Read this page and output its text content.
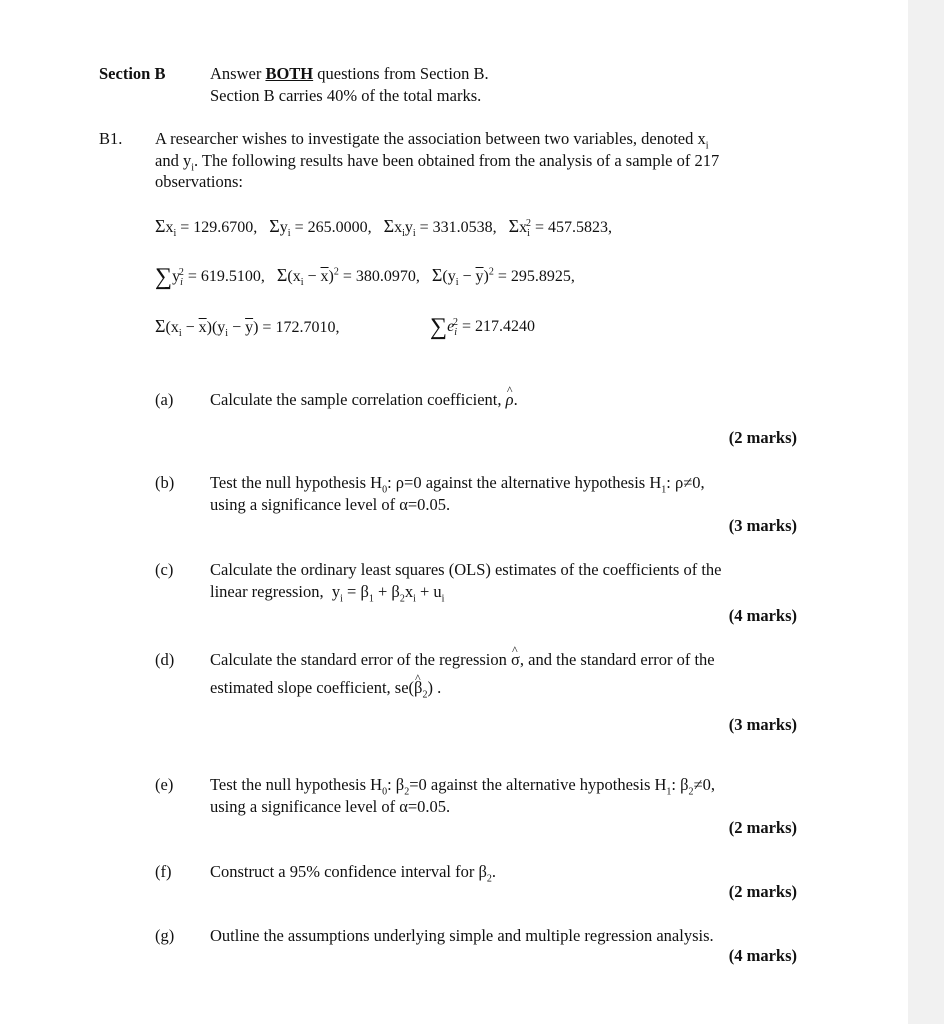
Section B	Answer BOTH questions from Section B.
Section B carries 40% of the total marks.
B1. A researcher wishes to investigate the association between two variables, denoted $x_i$
and $y_i$. The following results have been obtained from the analysis of a sample of 217
observations:
$\Sigma x_i = 129.6700$, $\Sigma y_i = 265.0000$, $\Sigma x_iy_i = 331.0538$, $\Sigma x_i^2 = 457.5823$,
$\sum y_i^2 = 619.5100$, $\Sigma(x_i - \overline{x})^2 = 380.0970$, $\Sigma(y_i - \overline{y})^2 = 295.8925$,
$\Sigma(x_i - \overline{x})(y_i - \overline{y}) = 172.7010$,	$\sum e_i^2 = 217.4240$
(a) Calculate the sample correlation coefficient, ^ ρ.
(2 marks)
(b) Test the null hypothesis $H_0$: ρ=0 against the alternative hypothesis $H_1$: ρ≠0,
using a significance level of α=0.05.
(3 marks)
(c) Calculate the ordinary least squares (OLS) estimates of the coefficients of the
linear regression,  $y_i = \beta_1 + \beta_2x_i + u_i$
(4 marks)
(d) Calculate the standard error of the regression ^ σ, and the standard error of the
estimated slope coefficient, se(^ $\beta_2$) .
(3 marks)
(e) Test the null hypothesis $H_0$: $\beta_2=0$ against the alternative hypothesis $H_1$: $\beta_2\ne 0$,
using a significance level of α=0.05.
(2 marks)
(f) Construct a 95% confidence interval for $\beta_2$.
(2 marks)
(g) Outline the assumptions underlying simple and multiple regression analysis.
(4 marks)
